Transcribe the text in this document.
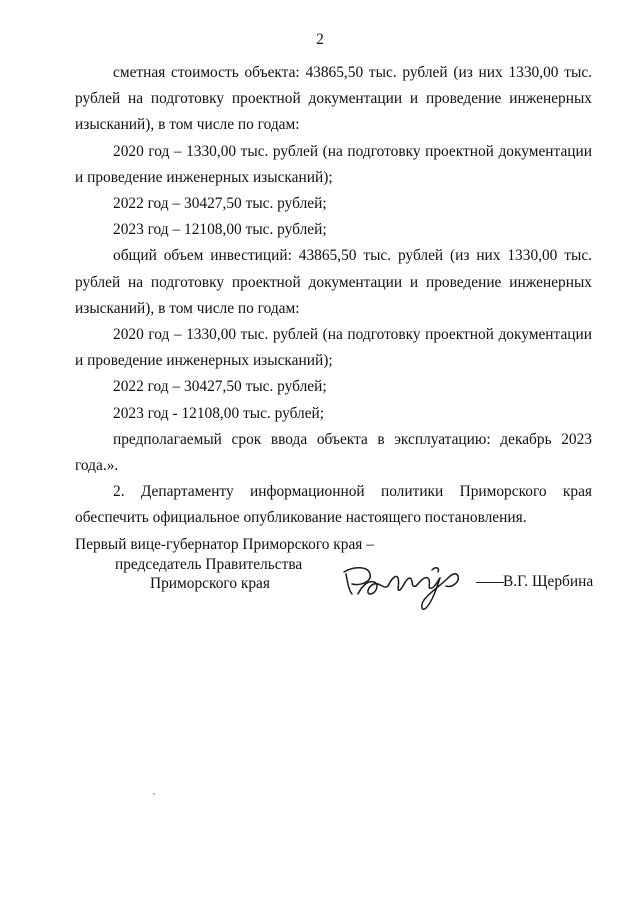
2

сметная стоимость объекта: 43865,50 тыс. рублей (из них 1330,00 тыс. рублей на подготовку проектной документации и проведение инженерных изысканий), в том числе по годам:

2020 год – 1330,00 тыс. рублей (на подготовку проектной документации и проведение инженерных изысканий);

2022 год – 30427,50 тыс. рублей;

2023 год – 12108,00 тыс. рублей;

общий объем инвестиций: 43865,50 тыс. рублей (из них 1330,00 тыс. рублей на подготовку проектной документации и проведение инженерных изысканий), в том числе по годам:

2020 год – 1330,00 тыс. рублей (на подготовку проектной документации и проведение инженерных изысканий);

2022 год – 30427,50 тыс. рублей;

2023 год - 12108,00 тыс. рублей;

предполагаемый срок ввода объекта в эксплуатацию: декабрь 2023 года.».

2. Департаменту информационной политики Приморского края обеспечить официальное опубликование настоящего постановления.

Первый вице-губернатор Приморского края –
председатель Правительства
Приморского края	В.Г. Щербина
